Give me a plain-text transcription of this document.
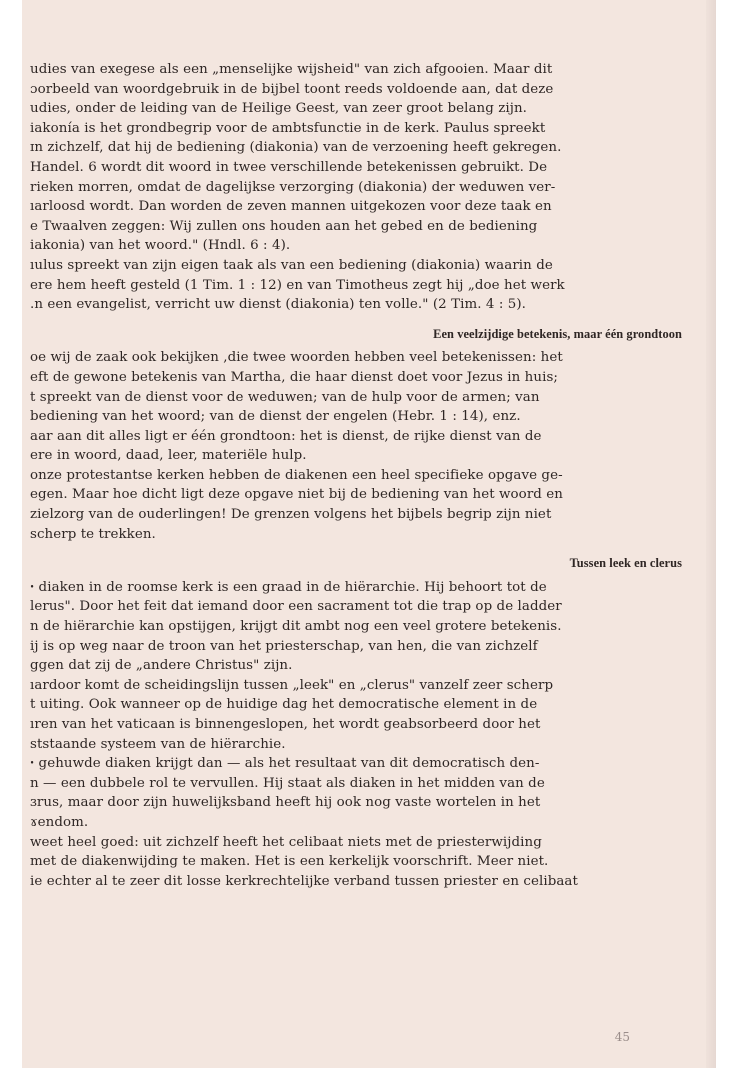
udies van exegese als een „menselijke wijsheid" van zich afgooien. Maar dit
ɔorbeeld van woordgebruik in de bijbel toont reeds voldoende aan, dat deze
udies, onder de leiding van de Heilige Geest, van zeer groot belang zijn.
iakonía is het grondbegrip voor de ambtsfunctie in de kerk. Paulus spreekt
ɪn zichzelf, dat hij de bediening (diakonia) van de verzoening heeft gekregen.
Handel. 6 wordt dit woord in twee verschillende betekenissen gebruikt. De
rieken morren, omdat de dagelijkse verzorging (diakonia) der weduwen ver-
ıarloosd wordt. Dan worden de zeven mannen uitgekozen voor deze taak en
e Twaalven zeggen: Wij zullen ons houden aan het gebed en de bediening
iakonia) van het woord." (Hndl. 6 : 4).
ıulus spreekt van zijn eigen taak als van een bediening (diakonia) waarin de
ere hem heeft gesteld (1 Tim. 1 : 12) en van Timotheus zegt hij „doe het werk
.n een evangelist, verricht uw dienst (diakonia) ten volle." (2 Tim. 4 : 5).
Een veelzijdige betekenis, maar één grondtoon
oe wij de zaak ook bekijken ,die twee woorden hebben veel betekenissen: het
eft de gewone betekenis van Martha, die haar dienst doet voor Jezus in huis;
t spreekt van de dienst voor de weduwen; van de hulp voor de armen; van
bediening van het woord; van de dienst der engelen (Hebr. 1 : 14), enz.
aar aan dit alles ligt er één grondtoon: het is dienst, de rijke dienst van de
ere in woord, daad, leer, materiële hulp.
onze protestantse kerken hebben de diakenen een heel specifieke opgave ge-
egen. Maar hoe dicht ligt deze opgave niet bij de bediening van het woord en
zielzorg van de ouderlingen! De grenzen volgens het bijbels begrip zijn niet
scherp te trekken.
Tussen leek en clerus
ꞏ diaken in de roomse kerk is een graad in de hiërarchie. Hij behoort tot de
lerus". Door het feit dat iemand door een sacrament tot die trap op de ladder
n de hiërarchie kan opstijgen, krijgt dit ambt nog een veel grotere betekenis.
ij is op weg naar de troon van het priesterschap, van hen, die van zichzelf
ggen dat zij de „andere Christus" zijn.
ıardoor komt de scheidingslijn tussen „leek" en „clerus" vanzelf zeer scherp
t uiting. Ook wanneer op de huidige dag het democratische element in de
ıren van het vaticaan is binnengeslopen, het wordt geabsorbeerd door het
ststaande systeem van de hiërarchie.
ꞏ gehuwde diaken krijgt dan — als het resultaat van dit democratisch den-
n — een dubbele rol te vervullen. Hij staat als diaken in het midden van de
ɜrus, maar door zijn huwelijksband heeft hij ook nog vaste wortelen in het
ɤendom.
weet heel goed: uit zichzelf heeft het celibaat niets met de priesterwijding
met de diakenwijding te maken. Het is een kerkelijk voorschrift. Meer niet.
ie echter al te zeer dit losse kerkrechtelijke verband tussen priester en celibaat
45
